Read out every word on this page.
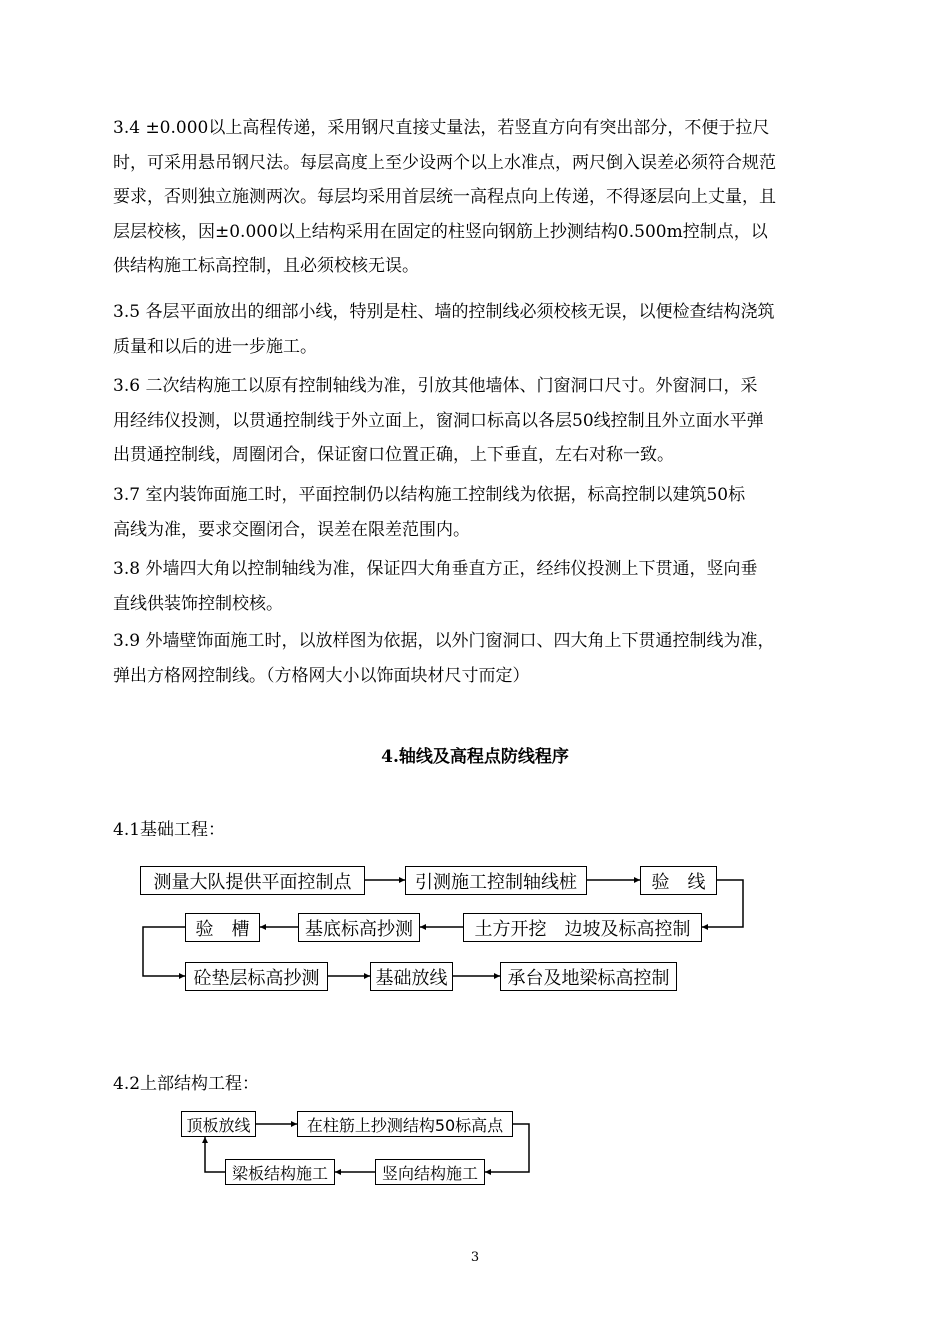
3.4 ±0.000以上高程传递，采用钢尺直接丈量法，若竖直方向有突出部分，不便于拉尺
时，可采用悬吊钢尺法。每层高度上至少设两个以上水准点，两尺倒入误差必须符合规范
要求，否则独立施测两次。每层均采用首层统一高程点向上传递，不得逐层向上丈量，且
层层校核，因±0.000以上结构采用在固定的柱竖向钢筋上抄测结构0.500m控制点，以
供结构施工标高控制，且必须校核无误。
3.5 各层平面放出的细部小线，特别是柱、墙的控制线必须校核无误，以便检查结构浇筑
质量和以后的进一步施工。
3.6 二次结构施工以原有控制轴线为准，引放其他墙体、门窗洞口尺寸。外窗洞口，采
用经纬仪投测，以贯通控制线于外立面上，窗洞口标高以各层50线控制且外立面水平弹
出贯通控制线，周圈闭合，保证窗口位置正确，上下垂直，左右对称一致。
3.7 室内装饰面施工时，平面控制仍以结构施工控制线为依据，标高控制以建筑50标
高线为准，要求交圈闭合，误差在限差范围内。
3.8 外墙四大角以控制轴线为准，保证四大角垂直方正，经纬仪投测上下贯通，竖向垂
直线供装饰控制校核。
3.9 外墙壁饰面施工时，以放样图为依据，以外门窗洞口、四大角上下贯通控制线为准，
弹出方格网控制线。（方格网大小以饰面块材尺寸而定）
4.轴线及高程点防线程序
4.1基础工程：
测量大队提供平面控制点	引测施工控制轴线桩	验　线
土方开挖　边坡及标高控制
基底标高抄测
验　槽
砼垫层标高抄测	基础放线	承台及地梁标高控制
4.2上部结构工程：
顶板放线	在柱筋上抄测结构50标高点
竖向结构施工
梁板结构施工
3
